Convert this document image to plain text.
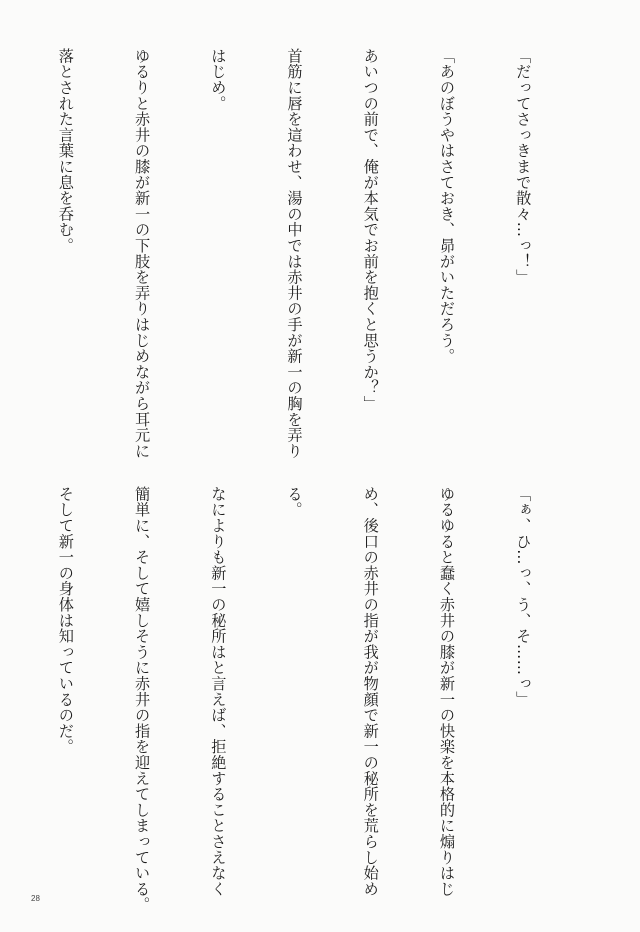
「だってさっきまで散々…っ！」

「あのぼうやはさておき、昴がいただろう。

あいつの前で、俺が本気でお前を抱くと思うか？」

首筋に唇を這わせ、湯の中では赤井の手が新一の胸を弄り

はじめ。

ゆるりと赤井の膝が新一の下肢を弄りはじめながら耳元に

落とされた言葉に息を呑む。

「ぁ、ひ…っ、う、そ……っ」

ゆるゆると蠢く赤井の膝が新一の快楽を本格的に煽りはじ

め、後口の赤井の指が我が物顔で新一の秘所を荒らし始め

る。

なによりも新一の秘所はと言えば、拒絶することさえなく

簡単に、そして嬉しそうに赤井の指を迎えてしまっている。

そして新一の身体は知っているのだ。

28
